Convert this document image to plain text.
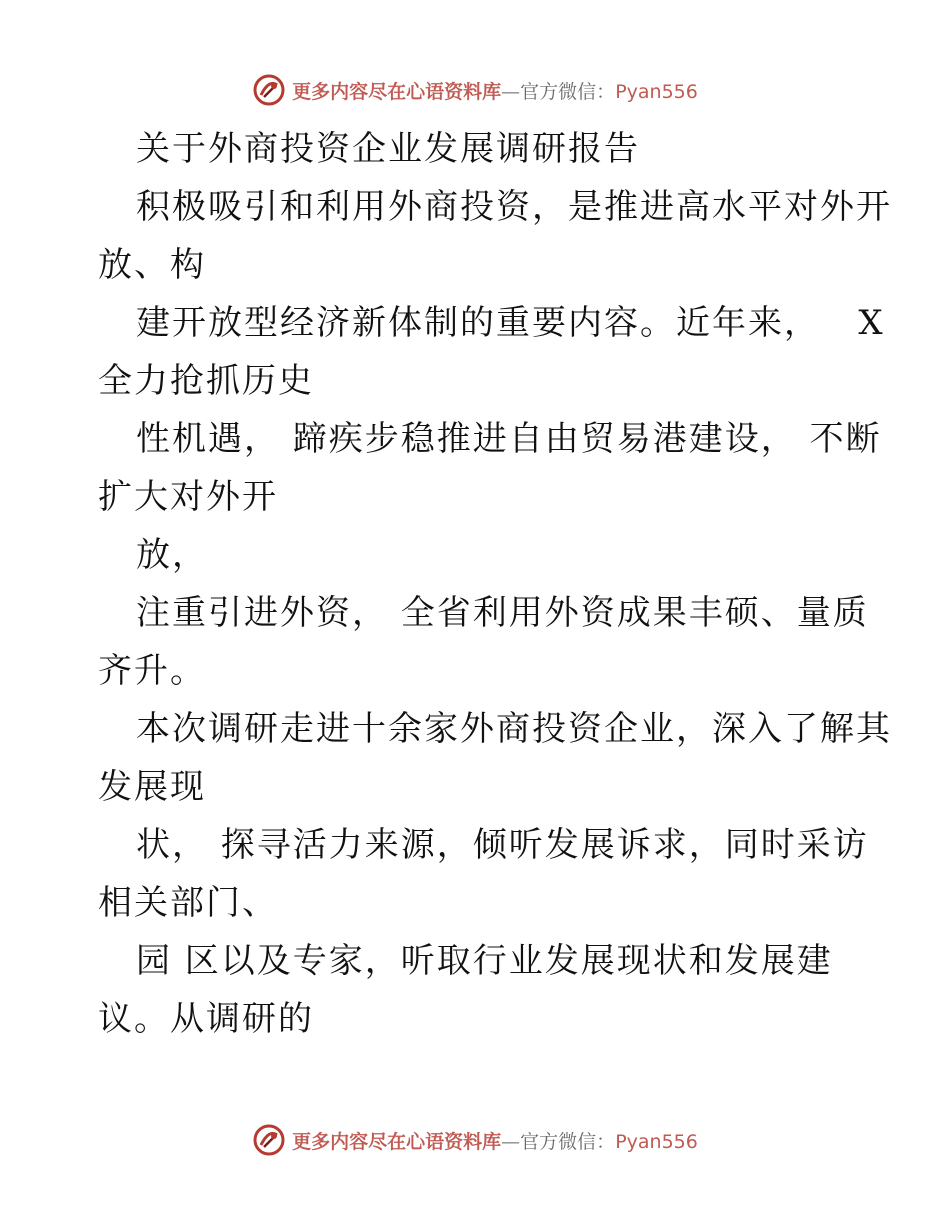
更多内容尽在心语资料库—官方微信：Pyan556
关于外商投资企业发展调研报告
积极吸引和利用外商投资，是推进高水平对外开
放、构
建开放型经济新体制的重要内容。近年来，   X
全力抢抓历史
性机遇， 蹄疾步稳推进自由贸易港建设， 不断
扩大对外开
放，
注重引进外资， 全省利用外资成果丰硕、量质
齐升。
本次调研走进十余家外商投资企业，深入了解其
发展现
状， 探寻活力来源，倾听发展诉求，同时采访
相关部门、
园 区以及专家，听取行业发展现状和发展建
议。从调研的
更多内容尽在心语资料库—官方微信：Pyan556
